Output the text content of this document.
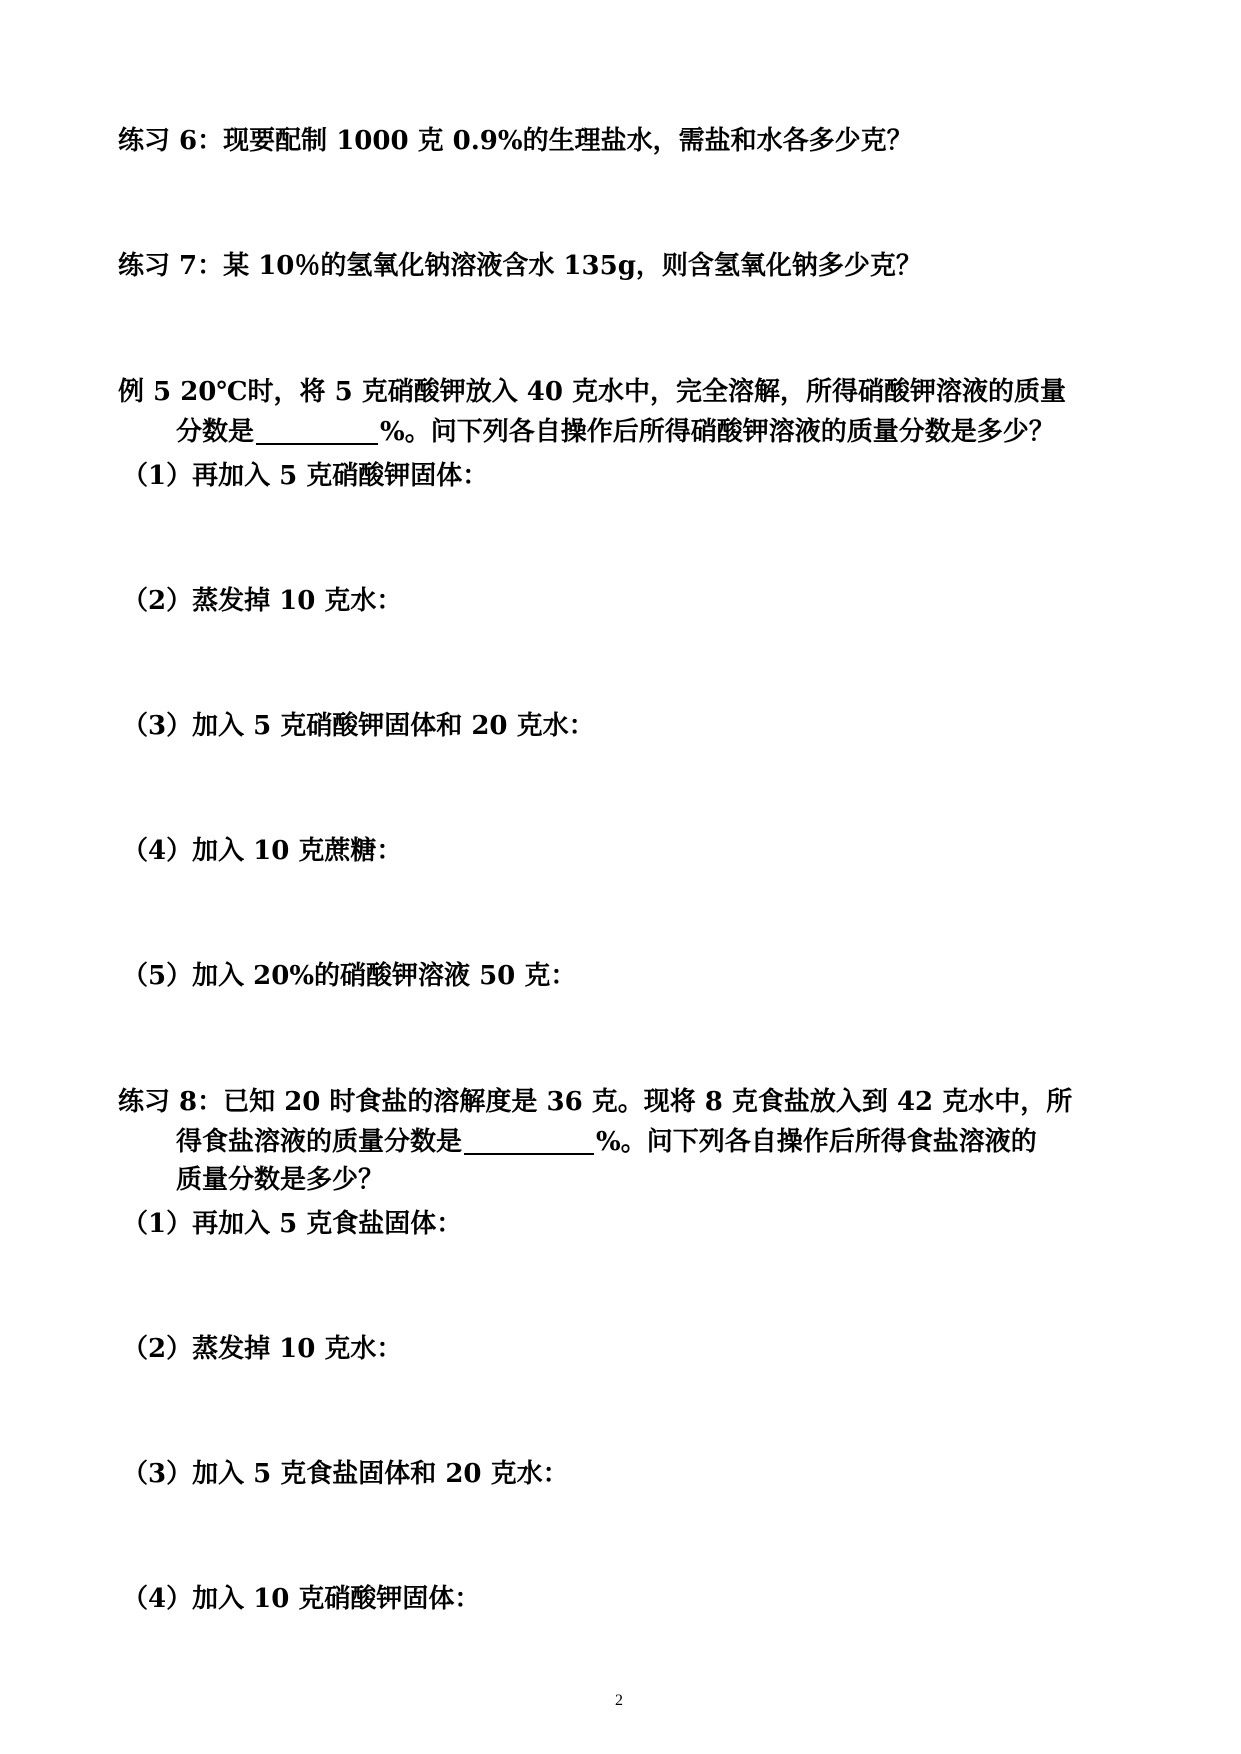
练习 6：现要配制 1000 克 0.9%的生理盐水，需盐和水各多少克？
练习 7：某 10％的氢氧化钠溶液含水 135g，则含氢氧化钠多少克？
例 5 20℃时，将 5 克硝酸钾放入 40 克水中，完全溶解，所得硝酸钾溶液的质量
分数是	%。问下列各自操作后所得硝酸钾溶液的质量分数是多少？
（1）再加入 5 克硝酸钾固体：
（2）蒸发掉 10 克水：
（3）加入 5 克硝酸钾固体和 20 克水：
（4）加入 10 克蔗糖：
（5）加入 20%的硝酸钾溶液 50 克：
练习 8：已知 20 时食盐的溶解度是 36 克。现将 8 克食盐放入到 42 克水中，所
得食盐溶液的质量分数是	%。问下列各自操作后所得食盐溶液的
质量分数是多少？
（1）再加入 5 克食盐固体：
（2）蒸发掉 10 克水：
（3）加入 5 克食盐固体和 20 克水：
（4）加入 10 克硝酸钾固体：
2
